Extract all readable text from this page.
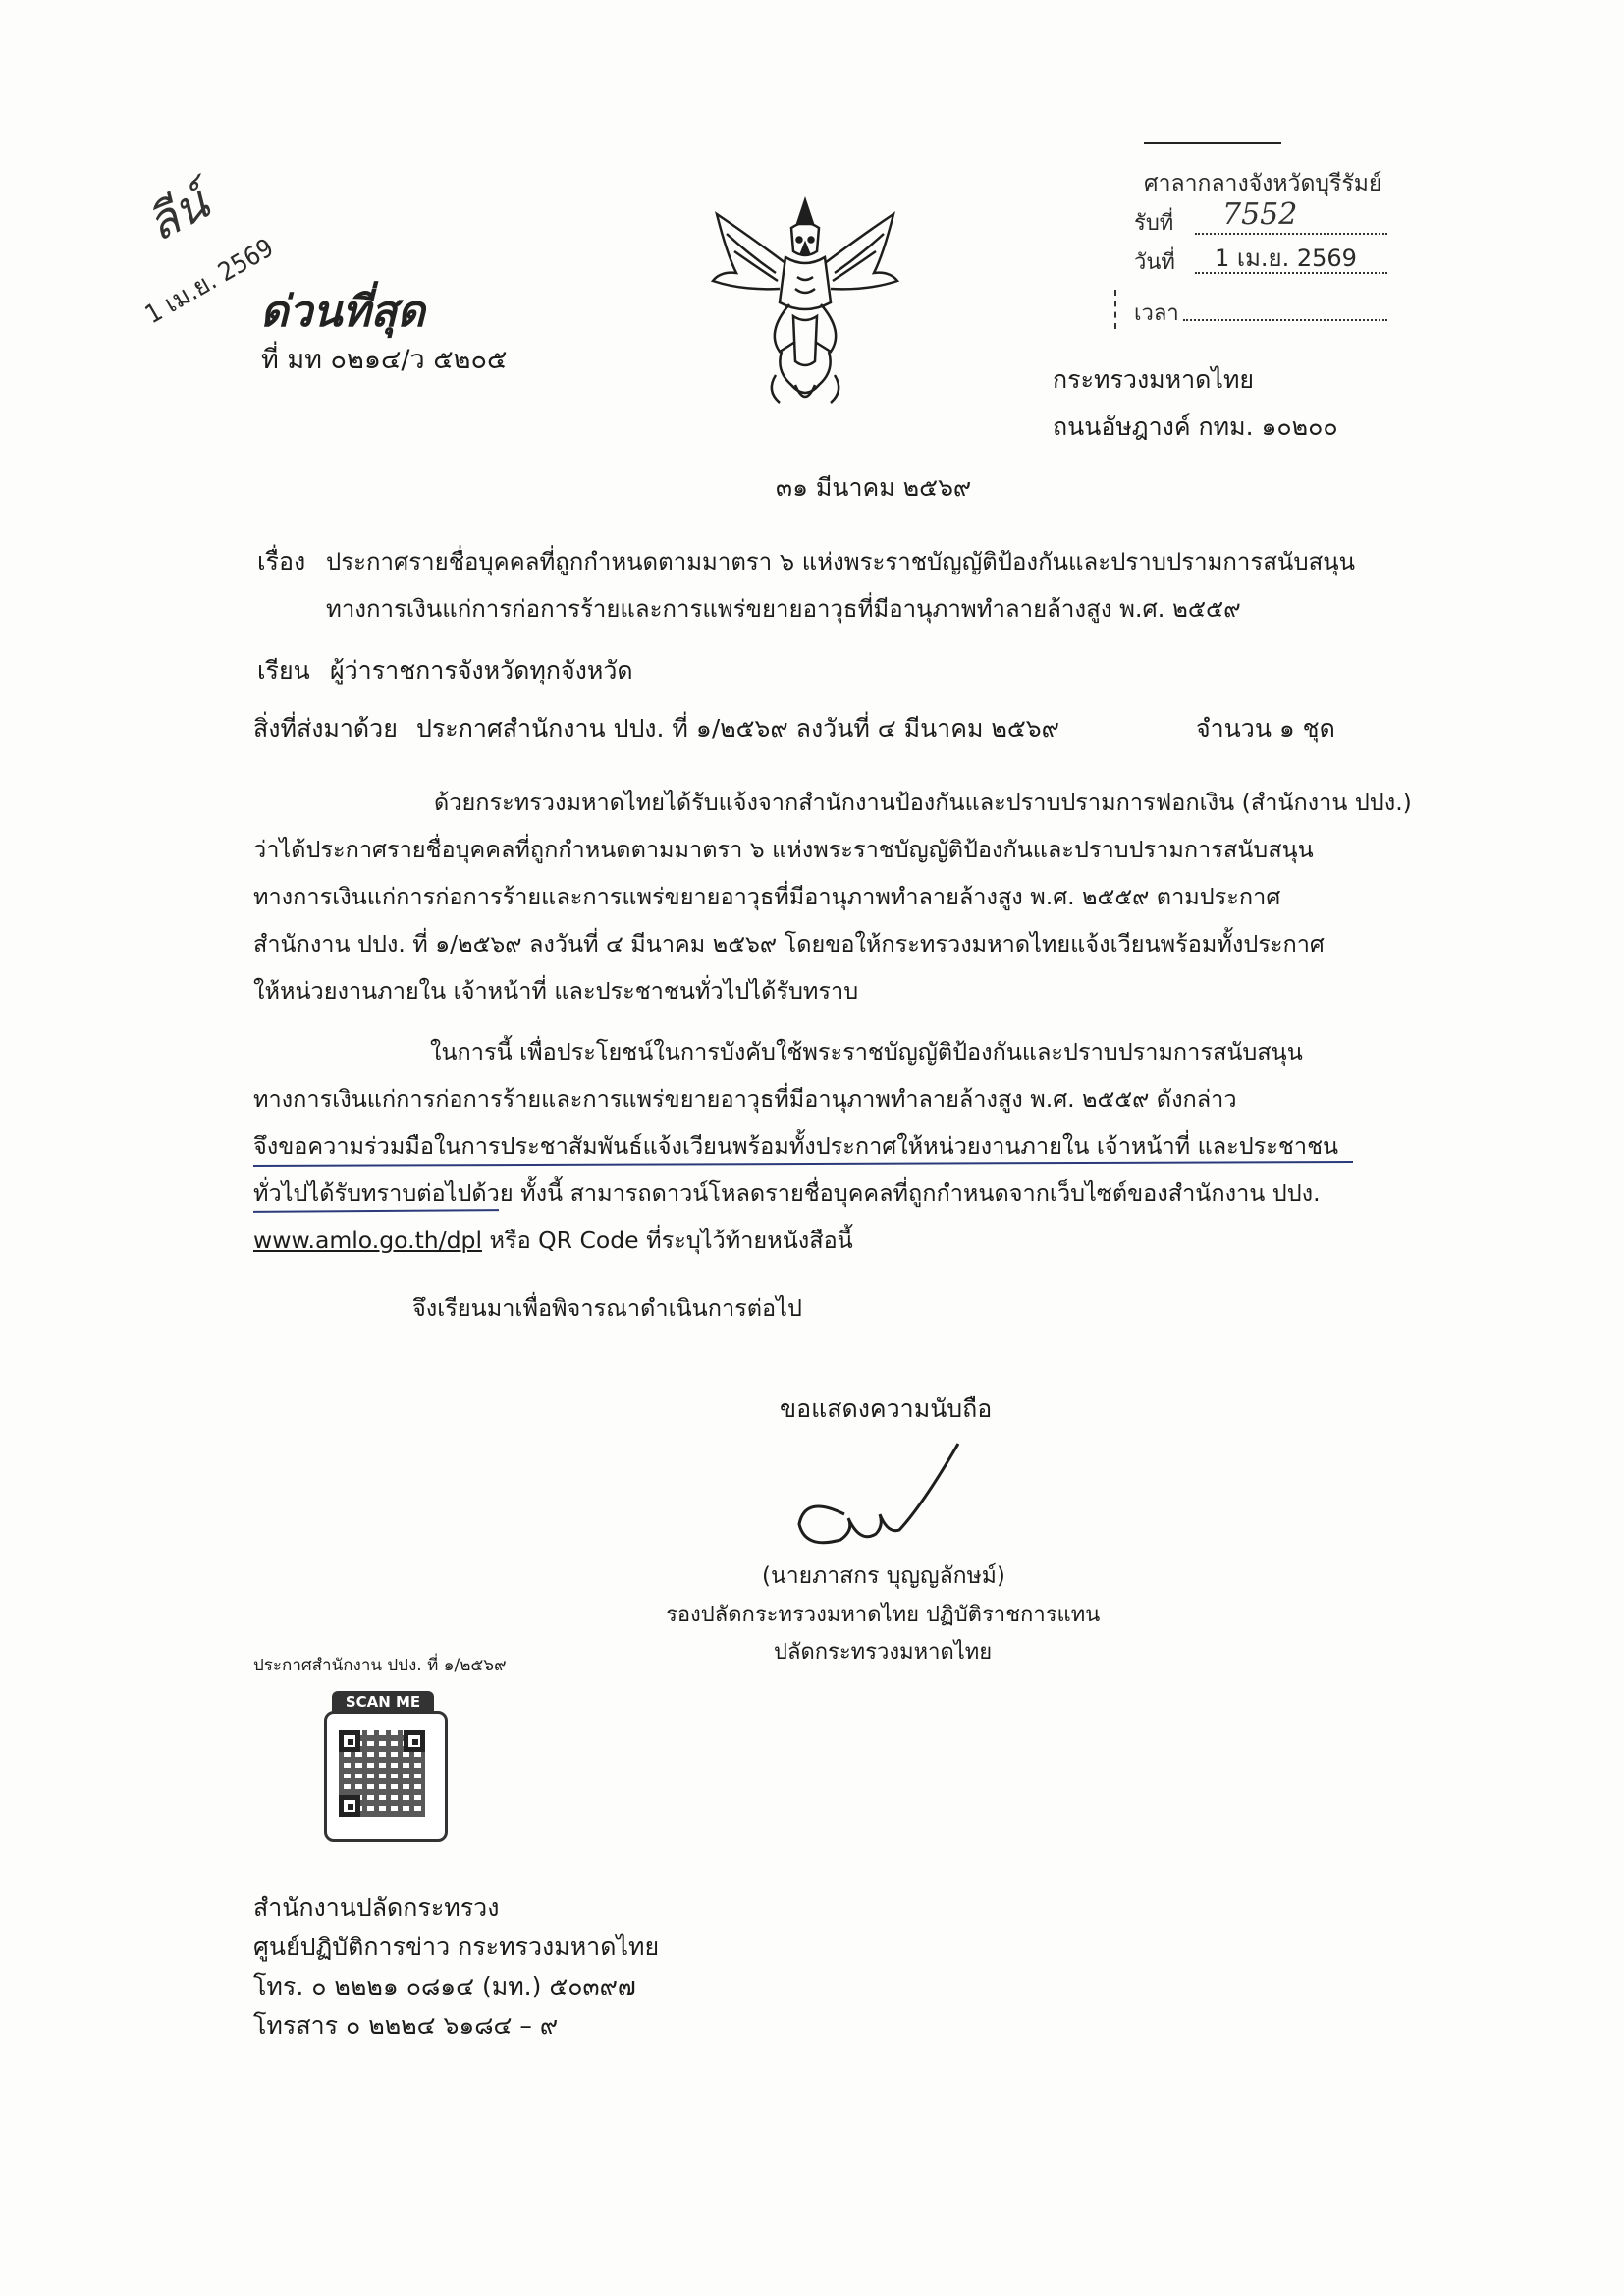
ลีน์
1 เม.ย. 2569
ด่วนที่สุด
ที่ มท ๐๒๑๔/ว ๕๒๐๕
ศาลากลางจังหวัดบุรีรัมย์
รับที่ 7552
วันที่ 1 เม.ย. 2569
เวลา
กระทรวงมหาดไทย
ถนนอัษฎางค์ กทม. ๑๐๒๐๐
๓๑ มีนาคม ๒๕๖๙
เรื่อง ประกาศรายชื่อบุคคลที่ถูกกำหนดตามมาตรา ๖ แห่งพระราชบัญญัติป้องกันและปราบปรามการสนับสนุน
ทางการเงินแก่การก่อการร้ายและการแพร่ขยายอาวุธที่มีอานุภาพทำลายล้างสูง พ.ศ. ๒๕๕๙
เรียน ผู้ว่าราชการจังหวัดทุกจังหวัด
สิ่งที่ส่งมาด้วย ประกาศสำนักงาน ปปง. ที่ ๑/๒๕๖๙ ลงวันที่ ๔ มีนาคม ๒๕๖๙	จำนวน ๑ ชุด
ด้วยกระทรวงมหาดไทยได้รับแจ้งจากสำนักงานป้องกันและปราบปรามการฟอกเงิน (สำนักงาน ปปง.)
ว่าได้ประกาศรายชื่อบุคคลที่ถูกกำหนดตามมาตรา ๖ แห่งพระราชบัญญัติป้องกันและปราบปรามการสนับสนุน
ทางการเงินแก่การก่อการร้ายและการแพร่ขยายอาวุธที่มีอานุภาพทำลายล้างสูง พ.ศ. ๒๕๕๙ ตามประกาศ
สำนักงาน ปปง. ที่ ๑/๒๕๖๙ ลงวันที่ ๔ มีนาคม ๒๕๖๙ โดยขอให้กระทรวงมหาดไทยแจ้งเวียนพร้อมทั้งประกาศ
ให้หน่วยงานภายใน เจ้าหน้าที่ และประชาชนทั่วไปได้รับทราบ
ในการนี้ เพื่อประโยชน์ในการบังคับใช้พระราชบัญญัติป้องกันและปราบปรามการสนับสนุน
ทางการเงินแก่การก่อการร้ายและการแพร่ขยายอาวุธที่มีอานุภาพทำลายล้างสูง พ.ศ. ๒๕๕๙ ดังกล่าว
จึงขอความร่วมมือในการประชาสัมพันธ์แจ้งเวียนพร้อมทั้งประกาศให้หน่วยงานภายใน เจ้าหน้าที่ และประชาชน
ทั่วไปได้รับทราบต่อไปด้วย ทั้งนี้ สามารถดาวน์โหลดรายชื่อบุคคลที่ถูกกำหนดจากเว็บไซต์ของสำนักงาน ปปง.
www.amlo.go.th/dpl หรือ QR Code ที่ระบุไว้ท้ายหนังสือนี้
จึงเรียนมาเพื่อพิจารณาดำเนินการต่อไป
ขอแสดงความนับถือ
(นายภาสกร บุญญลักษม์)
รองปลัดกระทรวงมหาดไทย ปฏิบัติราชการแทน
ปลัดกระทรวงมหาดไทย
ประกาศสำนักงาน ปปง. ที่ ๑/๒๕๖๙
SCAN ME
สำนักงานปลัดกระทรวง
ศูนย์ปฏิบัติการข่าว กระทรวงมหาดไทย
โทร. ๐ ๒๒๒๑ ๐๘๑๔ (มท.) ๕๐๓๙๗
โทรสาร ๐ ๒๒๒๔ ๖๑๘๔ – ๙
